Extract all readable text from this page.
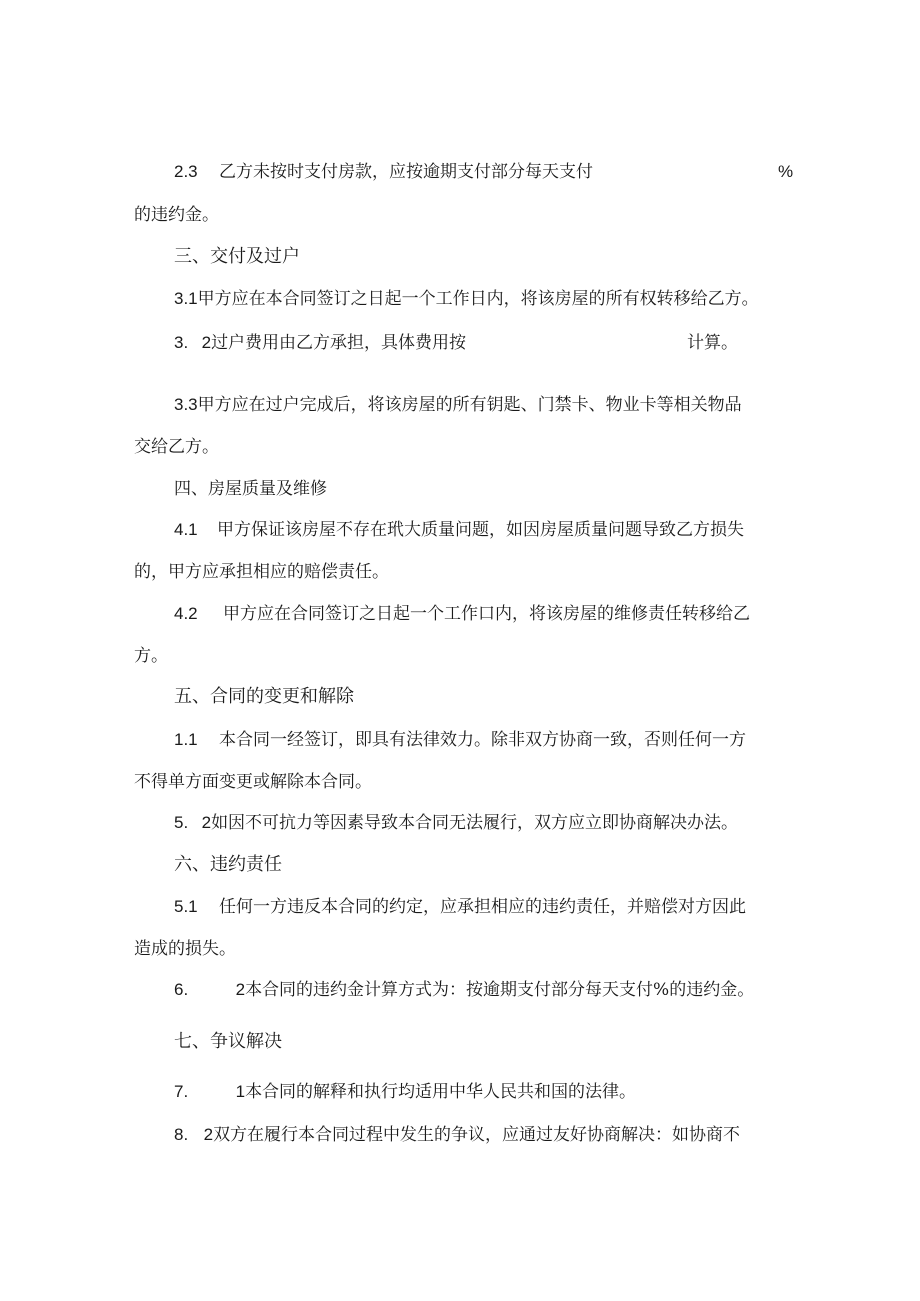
2.3 乙方未按时支付房款，应按逾期支付部分每天支付	%
的违约金。
三、交付及过户
3.1甲方应在本合同签订之日起一个工作日内，将该房屋的所有权转移给乙方。
3. 2过户费用由乙方承担，具体费用按	计算。
3.3甲方应在过户完成后，将该房屋的所有钥匙、门禁卡、物业卡等相关物品
交给乙方。
四、房屋质量及维修
4.1 甲方保证该房屋不存在玳大质量问题，如因房屋质量问题导致乙方损失
的，甲方应承担相应的赔偿责任。
4.2 甲方应在合同签订之日起一个工作口内，将该房屋的维修责任转移给乙
方。
五、合同的变更和解除
1.1 本合同一经签订，即具有法律效力。除非双方协商一致，否则任何一方
不得单方面变更或解除本合同。
5. 2如因不可抗力等因素导致本合同无法履行，双方应立即协商解决办法。
六、违约责任
5.1 任何一方违反本合同的约定，应承担相应的违约责任，并赔偿对方因此
造成的损失。
6.	2本合同的违约金计算方式为：按逾期支付部分每天支付%的违约金。
七、争议解决
7.	1本合同的解释和执行均适用中华人民共和国的法律。
8. 2双方在履行本合同过程中发生的争议，应通过友好协商解决：如协商不
